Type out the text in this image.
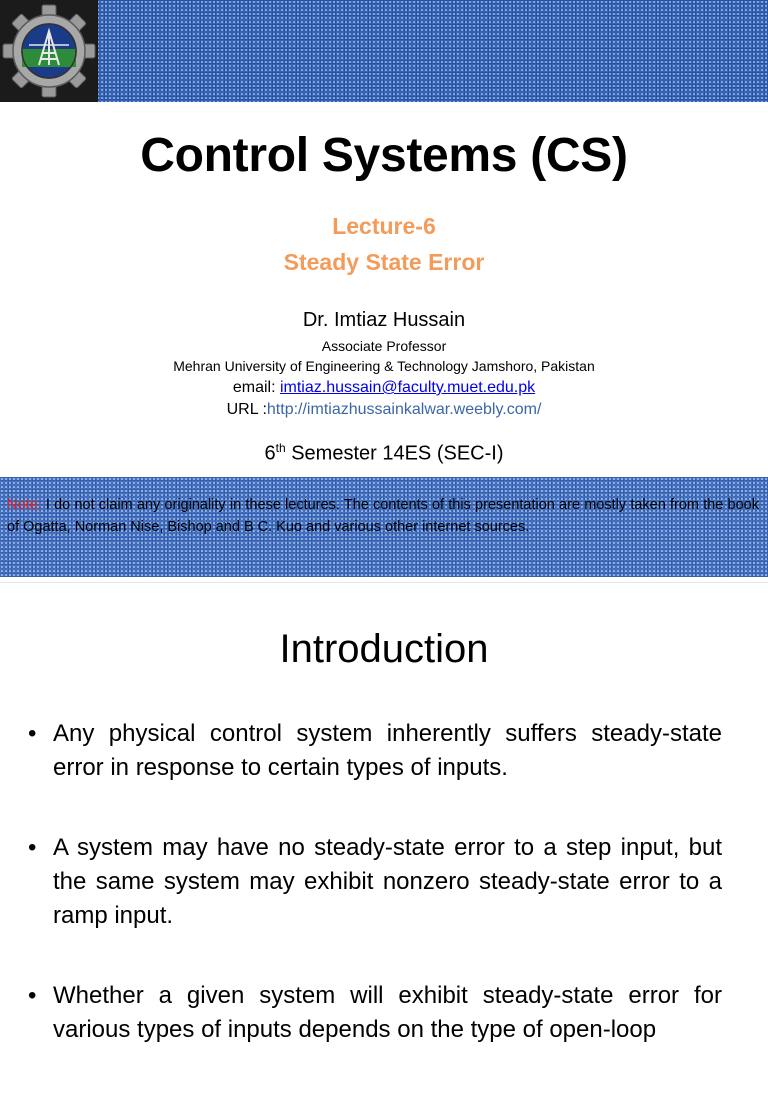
Control Systems (CS)
Lecture-6
Steady State Error
Dr. Imtiaz Hussain
Associate Professor
Mehran University of Engineering & Technology Jamshoro, Pakistan
email: imtiaz.hussain@faculty.muet.edu.pk
URL :http://imtiazhussainkalwar.weebly.com/
6th Semester 14ES (SEC-I)
Note: I do not claim any originality in these lectures. The contents of this presentation are mostly taken from the book of Ogatta, Norman Nise, Bishop and B C. Kuo and various other internet sources.
Introduction
• Any physical control system inherently suffers steady-state error in response to certain types of inputs.
• A system may have no steady-state error to a step input, but the same system may exhibit nonzero steady-state error to a ramp input.
• Whether a given system will exhibit steady-state error for various types of inputs depends on the type of open-loop
